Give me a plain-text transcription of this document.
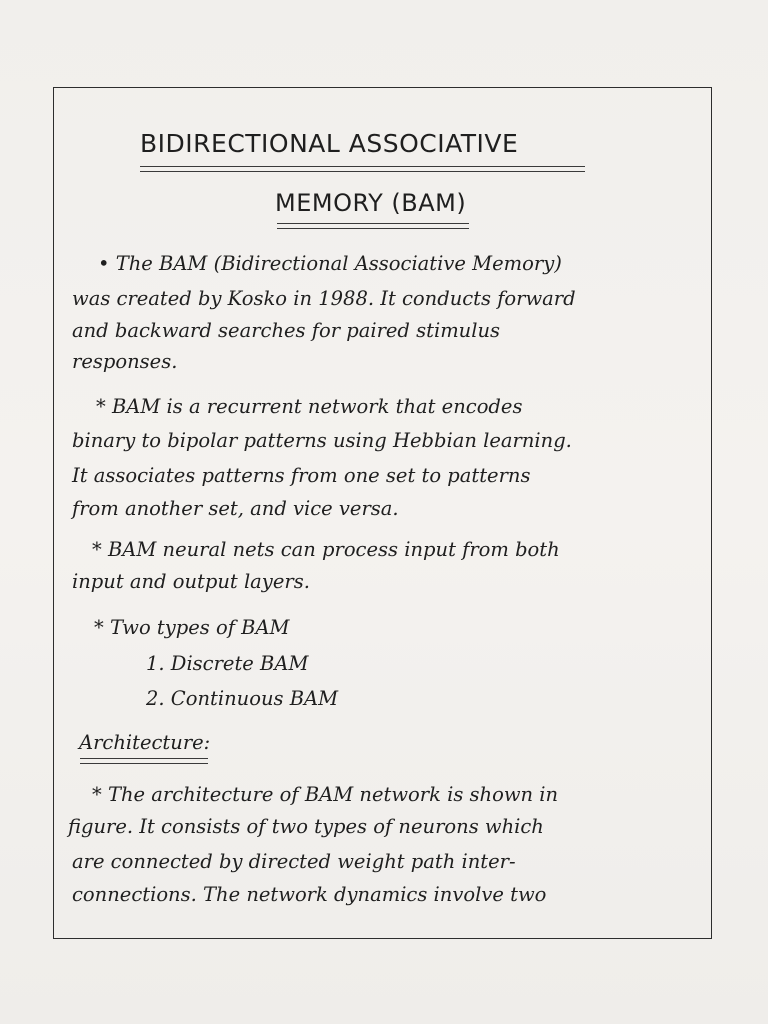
BIDIRECTIONAL ASSOCIATIVE
MEMORY (BAM)
• The BAM (Bidirectional Associative Memory)
was created by Kosko in 1988. It conducts forward
and backward searches for paired stimulus
responses.
* BAM is a recurrent network that encodes
binary to bipolar patterns using Hebbian learning.
It associates patterns from one set to patterns
from another set, and vice versa.
* BAM neural nets can process input from both
input and output layers.
* Two types of BAM
1. Discrete BAM
2. Continuous BAM
Architecture:
* The architecture of BAM network is shown in
figure. It consists of two types of neurons which
are connected by directed weight path inter-
connections. The network dynamics involve two
